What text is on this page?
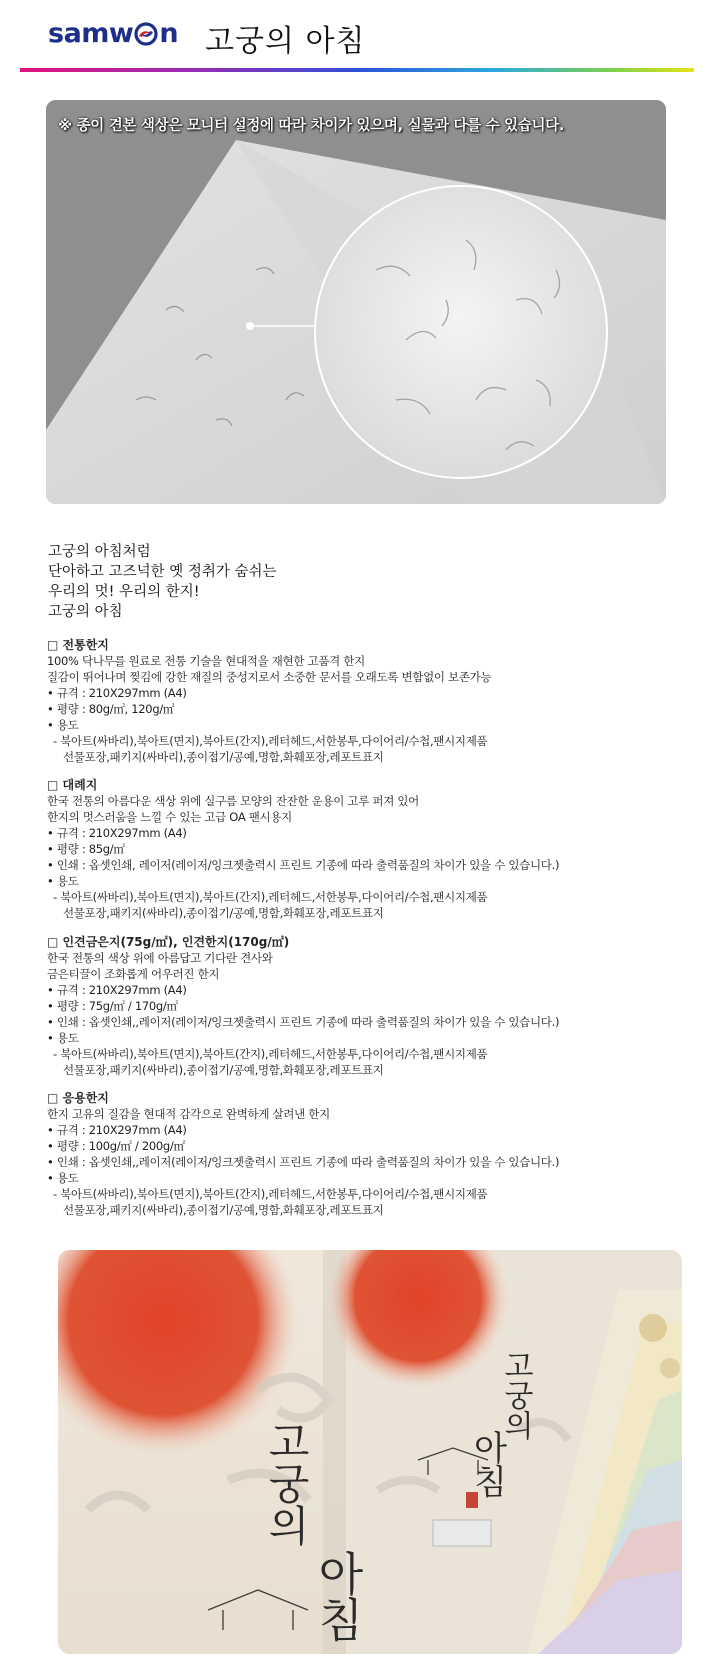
samw n 고궁의 아침
※ 종이 견본 색상은 모니터 설정에 따라 차이가 있으며, 실물과 다를 수 있습니다.
고궁의 아침처럼
단아하고 고즈넉한 옛 정취가 숨쉬는
우리의 멋! 우리의 한지!
고궁의 아침
□ 전통한지
100% 닥나무를 원료로 전통 기술을 현대적을 재현한 고품격 한지
질감이 뛰어나며 찢김에 강한 재질의 중성지로서 소중한 문서를 오래도록 변함없이 보존가능
• 규격 : 210X297mm (A4)
• 평량 : 80g/㎡, 120g/㎡
• 용도
- 북아트(싸바리),북아트(면지),북아트(간지),레터헤드,서한봉투,다이어리/수첩,팬시지제품
선물포장,패키지(싸바리),종이접기/공예,명함,화훼포장,레포트표지
□ 대례지
한국 전통의 아름다운 색상 위에 실구름 모양의 잔잔한 운용이 고루 퍼져 있어
한지의 멋스러움을 느낄 수 있는 고급 OA 팬시용지
• 규격 : 210X297mm (A4)
• 평량 : 85g/㎡
• 인쇄 : 옵셋인쇄, 레이저(레이저/잉크젯출력시 프린트 기종에 따라 출력품질의 차이가 있을 수 있습니다.)
• 용도
- 북아트(싸바리),북아트(면지),북아트(간지),레터헤드,서한봉투,다이어리/수첩,팬시지제품
선물포장,패키지(싸바리),종이접기/공예,명함,화훼포장,레포트표지
□ 인견금은지(75g/㎡), 인견한지(170g/㎡)
한국 전통의 색상 위에 아름답고 기다란 견사와
금은티끌이 조화롭게 어우러진 한지
• 규격 : 210X297mm (A4)
• 평량 : 75g/㎡ / 170g/㎡
• 인쇄 : 옵셋인쇄,,레이저(레이저/잉크젯출력시 프린트 기종에 따라 출력품질의 차이가 있을 수 있습니다.)
• 용도
- 북아트(싸바리),북아트(면지),북아트(간지),레터헤드,서한봉투,다이어리/수첩,팬시지제품
선물포장,패키지(싸바리),종이접기/공예,명함,화훼포장,레포트표지
□ 응용한지
한지 고유의 질감을 현대적 감각으로 완벽하게 살려낸 한지
• 규격 : 210X297mm (A4)
• 평량 : 100g/㎡ / 200g/㎡
• 인쇄 : 옵셋인쇄,,레이저(레이저/잉크젯출력시 프린트 기종에 따라 출력품질의 차이가 있을 수 있습니다.)
• 용도
- 북아트(싸바리),북아트(면지),북아트(간지),레터헤드,서한봉투,다이어리/수첩,팬시지제품
선물포장,패키지(싸바리),종이접기/공예,명함,화훼포장,레포트표지
고궁의
아침
고궁의
아침
